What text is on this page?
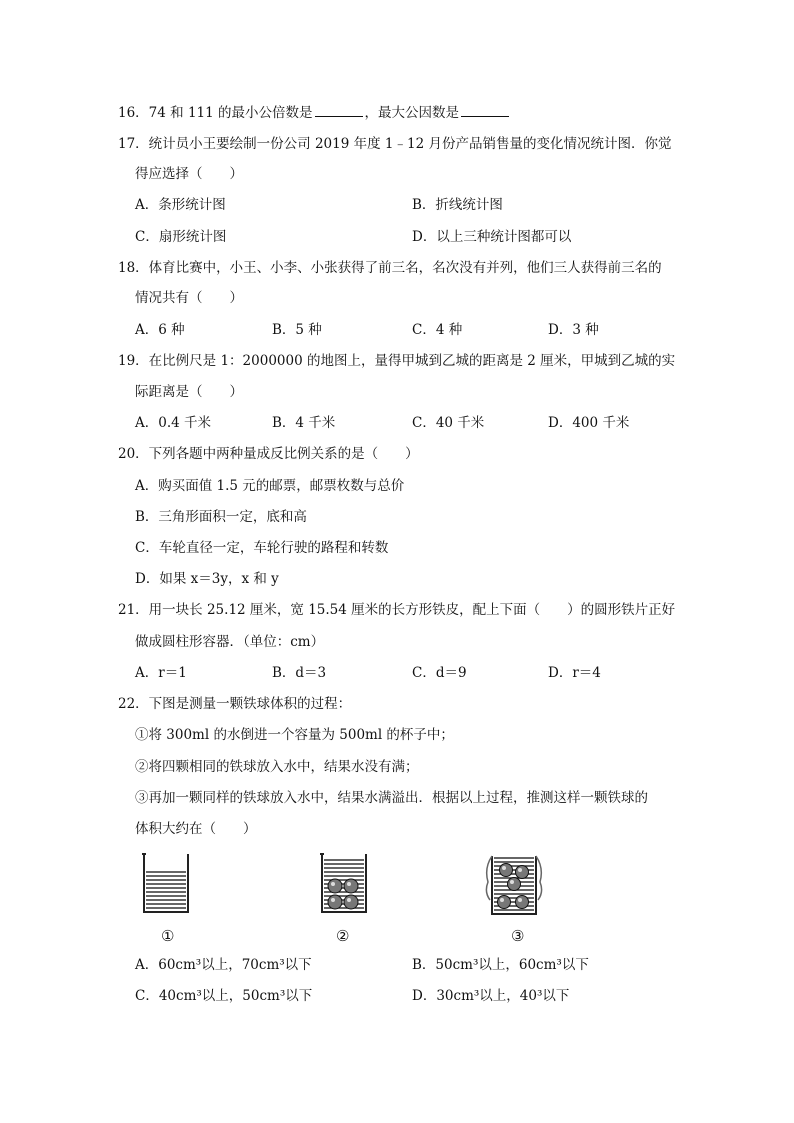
16．74 和 111 的最小公倍数是	，最大公因数是
17．统计员小王要绘制一份公司 2019 年度 1﹣12 月份产品销售量的变化情况统计图．你觉
得应选择（　　）
A．条形统计图	B．折线统计图
C．扇形统计图	D．以上三种统计图都可以
18．体育比赛中，小王、小李、小张获得了前三名，名次没有并列，他们三人获得前三名的
情况共有（　　）
A．6 种	B．5 种	C．4 种	D．3 种
19．在比例尺是 1：2000000 的地图上，量得甲城到乙城的距离是 2 厘米，甲城到乙城的实
际距离是（　　）
A．0.4 千米	B．4 千米	C．40 千米	D．400 千米
20．下列各题中两种量成反比例关系的是（　　）
A．购买面值 1.5 元的邮票，邮票枚数与总价
B．三角形面积一定，底和高
C．车轮直径一定，车轮行驶的路程和转数
D．如果 x＝3y，x 和 y
21．用一块长 25.12 厘米，宽 15.54 厘米的长方形铁皮，配上下面（　　）的圆形铁片正好
做成圆柱形容器．（单位：cm）
A．r＝1	B．d＝3	C．d＝9	D．r＝4
22．下图是测量一颗铁球体积的过程：
①将 300ml 的水倒进一个容量为 500ml 的杯子中；
②将四颗相同的铁球放入水中，结果水没有满；
③再加一颗同样的铁球放入水中，结果水满溢出．根据以上过程，推测这样一颗铁球的
体积大约在（　　）
①	②	③
A．60cm³以上，70cm³以下	B．50cm³以上，60cm³以下
C．40cm³以上，50cm³以下	D．30cm³以上，40³以下
